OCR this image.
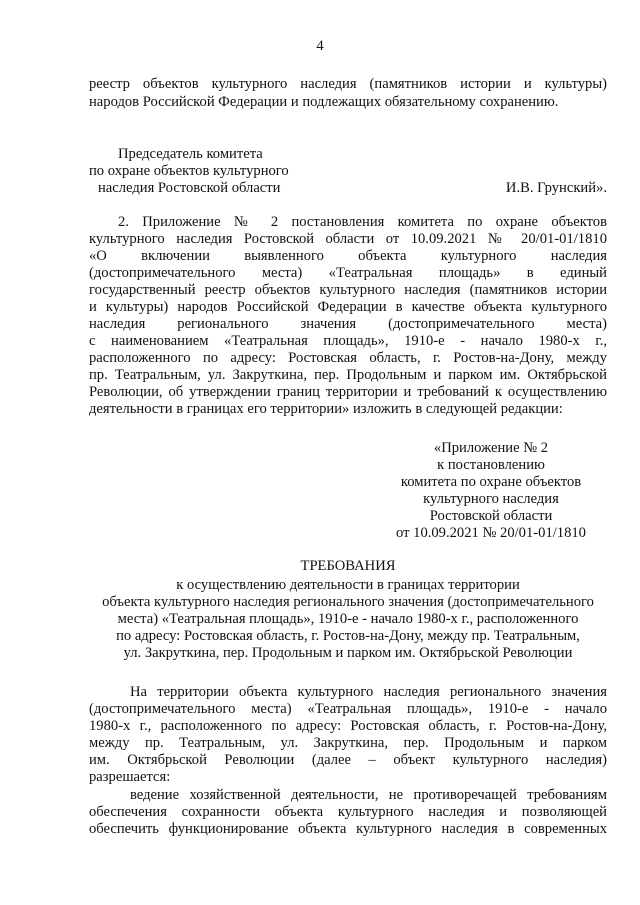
4
реестр объектов культурного наследия (памятников истории и культуры)
народов Российской Федерации и подлежащих обязательному сохранению.
Председатель комитета
по охране объектов культурного
наследия Ростовской области	И.В. Грунский».
2. Приложение № 2 постановления комитета по охране объектов
культурного наследия Ростовской области от 10.09.2021 № 20/01-01/1810
«О включении выявленного объекта культурного наследия
(достопримечательного места) «Театральная площадь» в единый
государственный реестр объектов культурного наследия (памятников истории
и культуры) народов Российской Федерации в качестве объекта культурного
наследия регионального значения (достопримечательного места)
с наименованием «Театральная площадь», 1910-е - начало 1980-х г.,
расположенного по адресу: Ростовская область, г. Ростов-на-Дону, между
пр. Театральным, ул. Закруткина, пер. Продольным и парком им. Октябрьской
Революции, об утверждении границ территории и требований к осуществлению
деятельности в границах его территории» изложить в следующей редакции:
«Приложение № 2
к постановлению
комитета по охране объектов
культурного наследия
Ростовской области
от 10.09.2021 № 20/01-01/1810
ТРЕБОВАНИЯ
к осуществлению деятельности в границах территории
объекта культурного наследия регионального значения (достопримечательного
места) «Театральная площадь», 1910-е - начало 1980-х г., расположенного
по адресу: Ростовская область, г. Ростов-на-Дону, между пр. Театральным,
ул. Закруткина, пер. Продольным и парком им. Октябрьской Революции
На территории объекта культурного наследия регионального значения
(достопримечательного места) «Театральная площадь», 1910-е - начало
1980-х г., расположенного по адресу: Ростовская область, г. Ростов-на-Дону,
между пр. Театральным, ул. Закруткина, пер. Продольным и парком
им. Октябрьской Революции (далее – объект культурного наследия)
разрешается:
ведение хозяйственной деятельности, не противоречащей требованиям
обеспечения сохранности объекта культурного наследия и позволяющей
обеспечить функционирование объекта культурного наследия в современных
